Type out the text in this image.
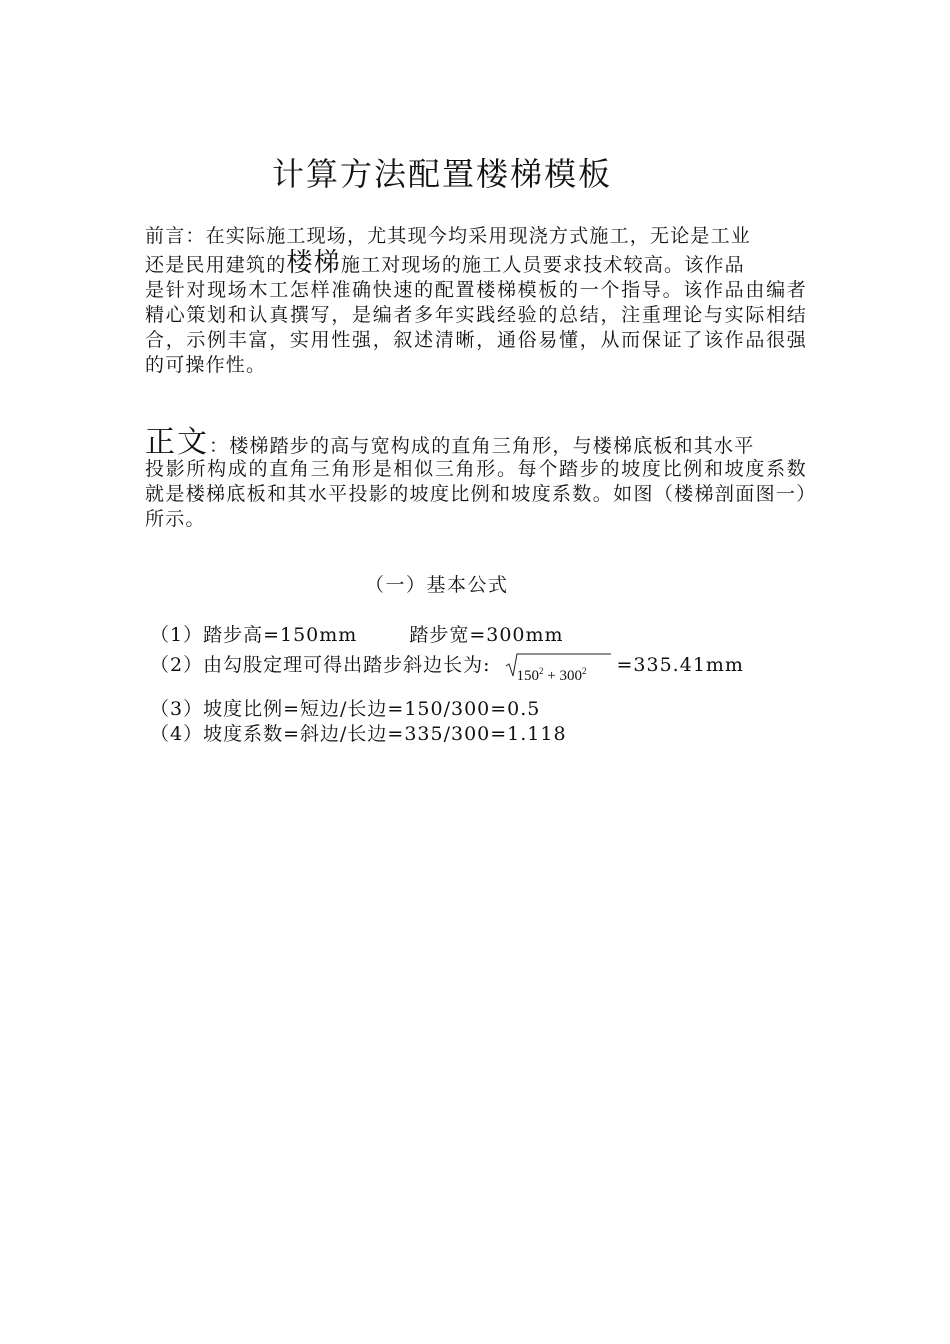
计算方法配置楼梯模板
前言：在实际施工现场，尤其现今均采用现浇方式施工，无论是工业
还是民用建筑的楼梯施工对现场的施工人员要求技术较高。该作品
是针对现场木工怎样准确快速的配置楼梯模板的一个指导。该作品由编者精心策划和认真撰写，是编者多年实践经验的总结，注重理论与实际相结合，示例丰富，实用性强，叙述清晰，通俗易懂，从而保证了该作品很强的可操作性。
正文：楼梯踏步的高与宽构成的直角三角形，与楼梯底板和其水平
投影所构成的直角三角形是相似三角形。每个踏步的坡度比例和坡度系数就是楼梯底板和其水平投影的坡度比例和坡度系数。如图（楼梯剖面图一）所示。
（一）基本公式
（1）踏步高=150mm	踏步宽=300mm
（2）由勾股定理可得出踏步斜边长为: $150^2 + 300^2 =335.41mm$
（3）坡度比例=短边/长边=150/300=0.5
（4）坡度系数=斜边/长边=335/300=1.118
